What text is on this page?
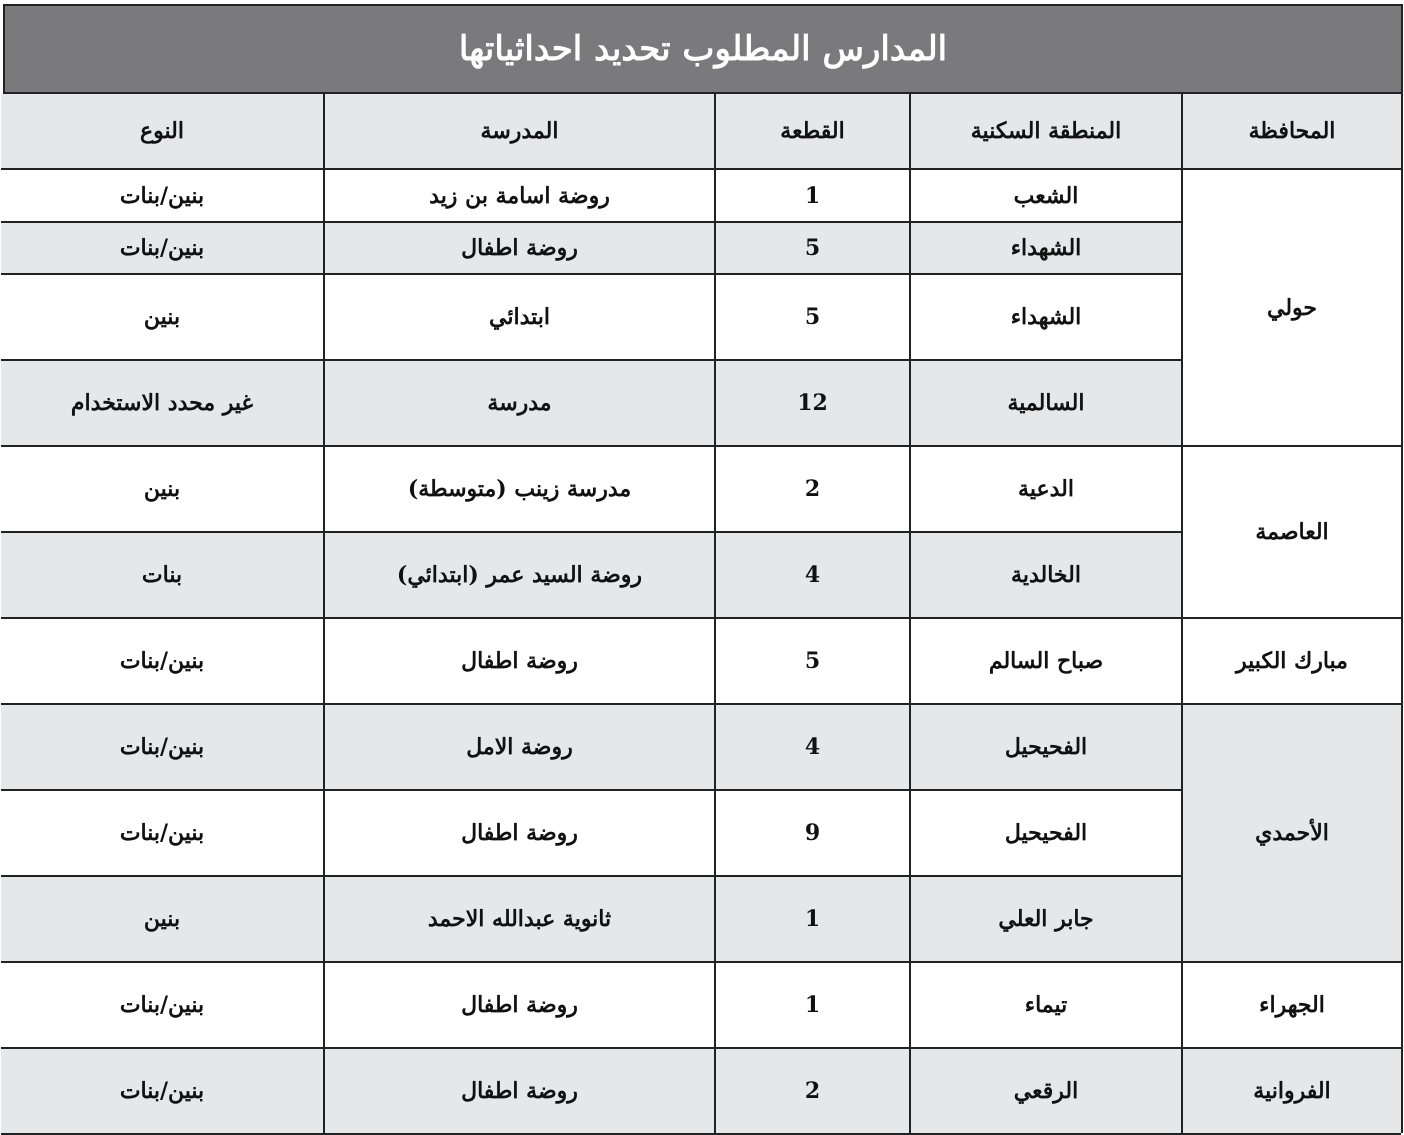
المدارس المطلوب تحديد احداثياتها
المحافظة	المنطقة السكنية	القطعة	المدرسة	النوع
حولي	الشعب	1	روضة اسامة بن زيد	بنين/بنات
	الشهداء	5	روضة اطفال	بنين/بنات
	الشهداء	5	ابتدائي	بنين
	السالمية	12	مدرسة	غير محدد الاستخدام
العاصمة	الدعية	2	مدرسة زينب (متوسطة)	بنين
	الخالدية	4	روضة السيد عمر (ابتدائي)	بنات
مبارك الكبير	صباح السالم	5	روضة اطفال	بنين/بنات
الأحمدي	الفحيحيل	4	روضة الامل	بنين/بنات
	الفحيحيل	9	روضة اطفال	بنين/بنات
	جابر العلي	1	ثانوية عبدالله الاحمد	بنين
الجهراء	تيماء	1	روضة اطفال	بنين/بنات
الفروانية	الرقعي	2	روضة اطفال	بنين/بنات
